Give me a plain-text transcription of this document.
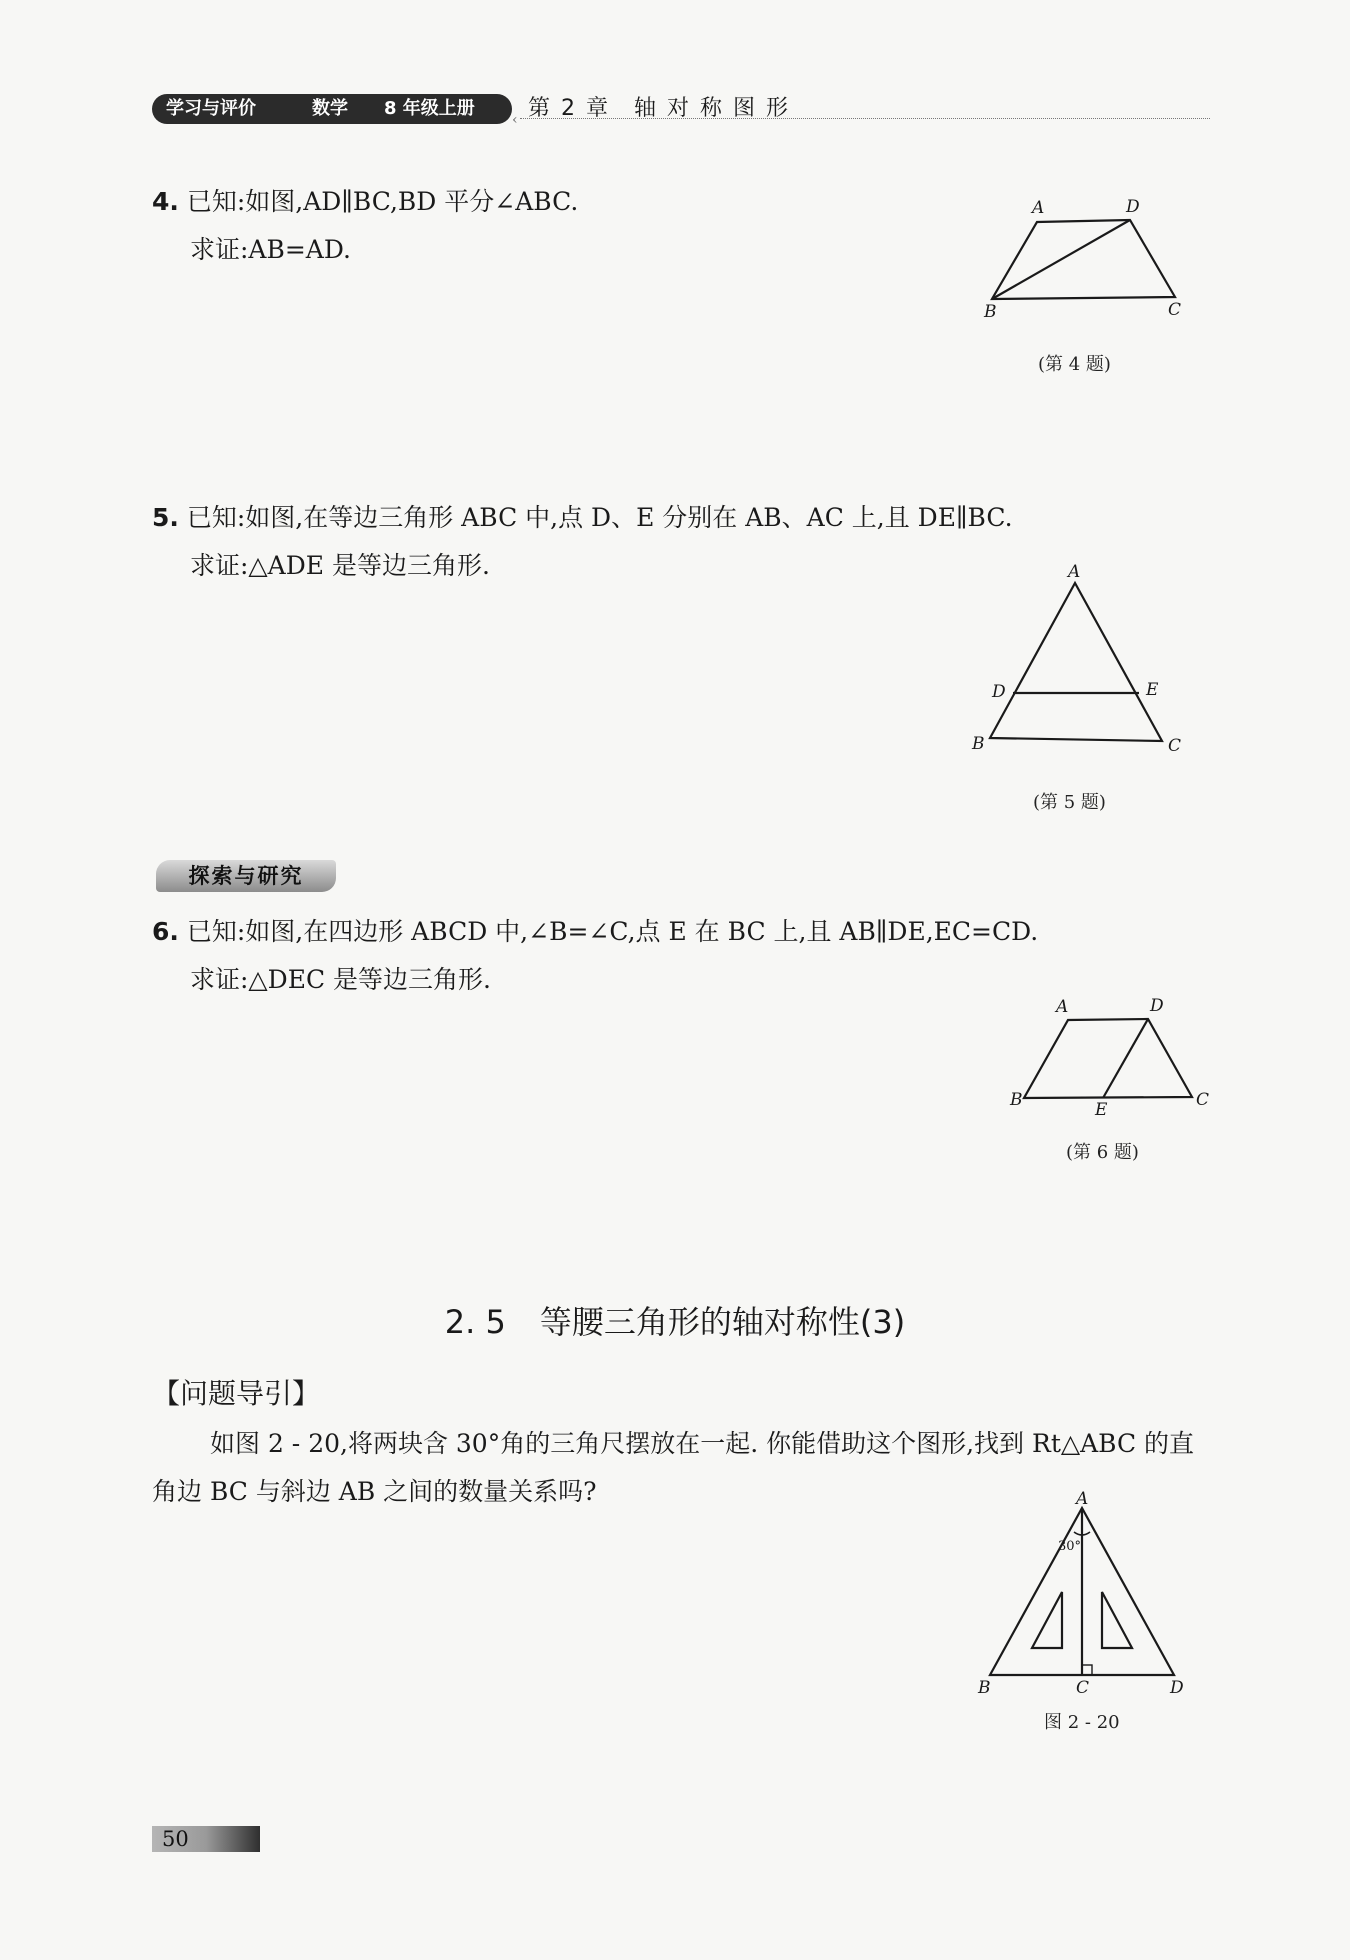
学习与评价	数学 8 年级上册
‹ 第 2 章　轴 对 称 图 形
4. 已知:如图,AD∥BC,BD 平分∠ABC.
求证:AB=AD.
A	D
B	C
(第 4 题)
5. 已知:如图,在等边三角形 ABC 中,点 D、E 分别在 AB、AC 上,且 DE∥BC.
求证:△ADE 是等边三角形.	A
D	E
B	C
(第 5 题)
探索与研究
6. 已知:如图,在四边形 ABCD 中,∠B=∠C,点 E 在 BC 上,且 AB∥DE,EC=CD.
求证:△DEC 是等边三角形.
A	D
B	E	C
(第 6 题)
2. 5 等腰三角形的轴对称性(3)
【问题导引】
如图 2 - 20,将两块含 30°角的三角尺摆放在一起. 你能借助这个图形,找到 Rt△ABC 的直角边 BC 与斜边 AB 之间的数量关系吗?
30°
A
B	C	D
图 2 - 20
50
